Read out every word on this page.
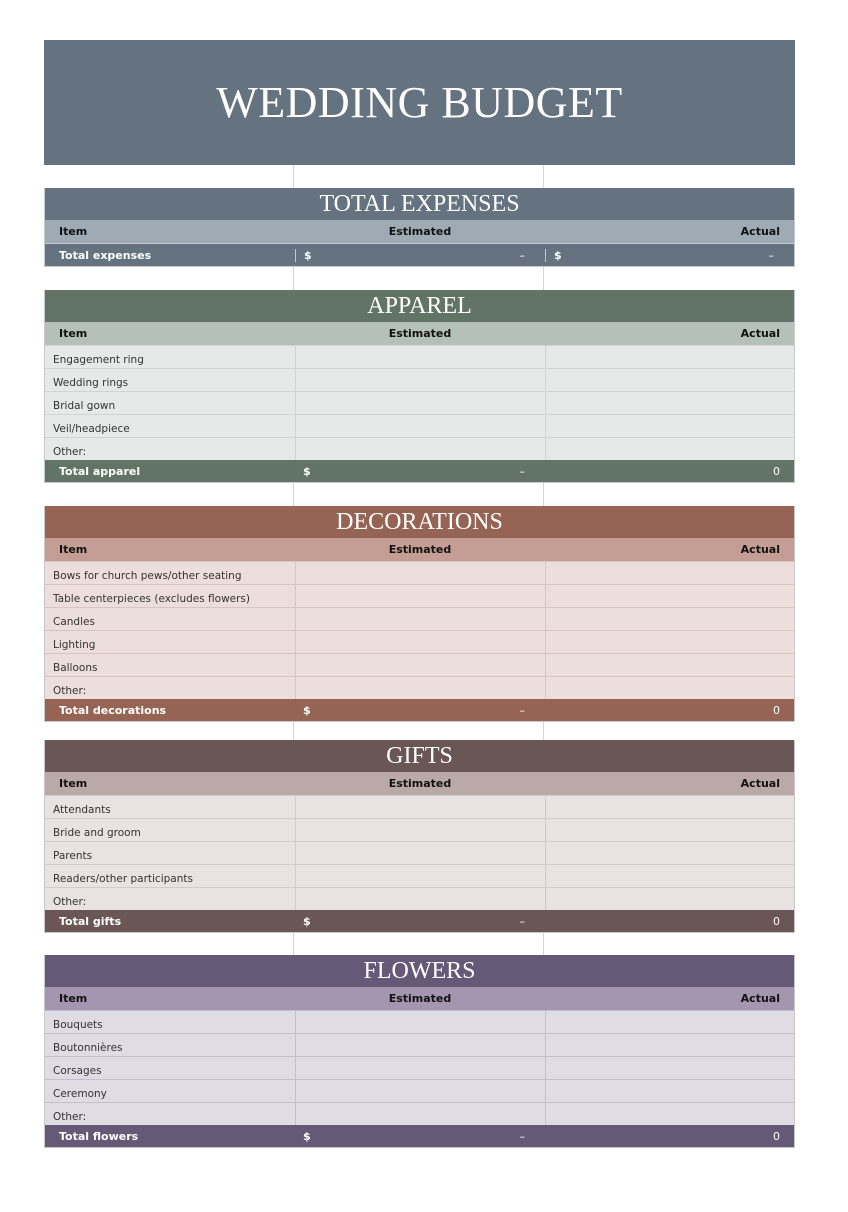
WEDDING BUDGET
TOTAL EXPENSES
Item	Estimated	Actual
Total expenses	$	–	$	–
APPAREL
Item	Estimated	Actual
Engagement ring
Wedding rings
Bridal gown
Veil/headpiece
Other:
Total apparel	$	–	0
DECORATIONS
Item	Estimated	Actual
Bows for church pews/other seating
Table centerpieces (excludes flowers)
Candles
Lighting
Balloons
Other:
Total decorations	$	–	0
GIFTS
Item	Estimated	Actual
Attendants
Bride and groom
Parents
Readers/other participants
Other:
Total gifts	$	–	0
FLOWERS
Item	Estimated	Actual
Bouquets
Boutonnières
Corsages
Ceremony
Other:
Total flowers	$	–	0
